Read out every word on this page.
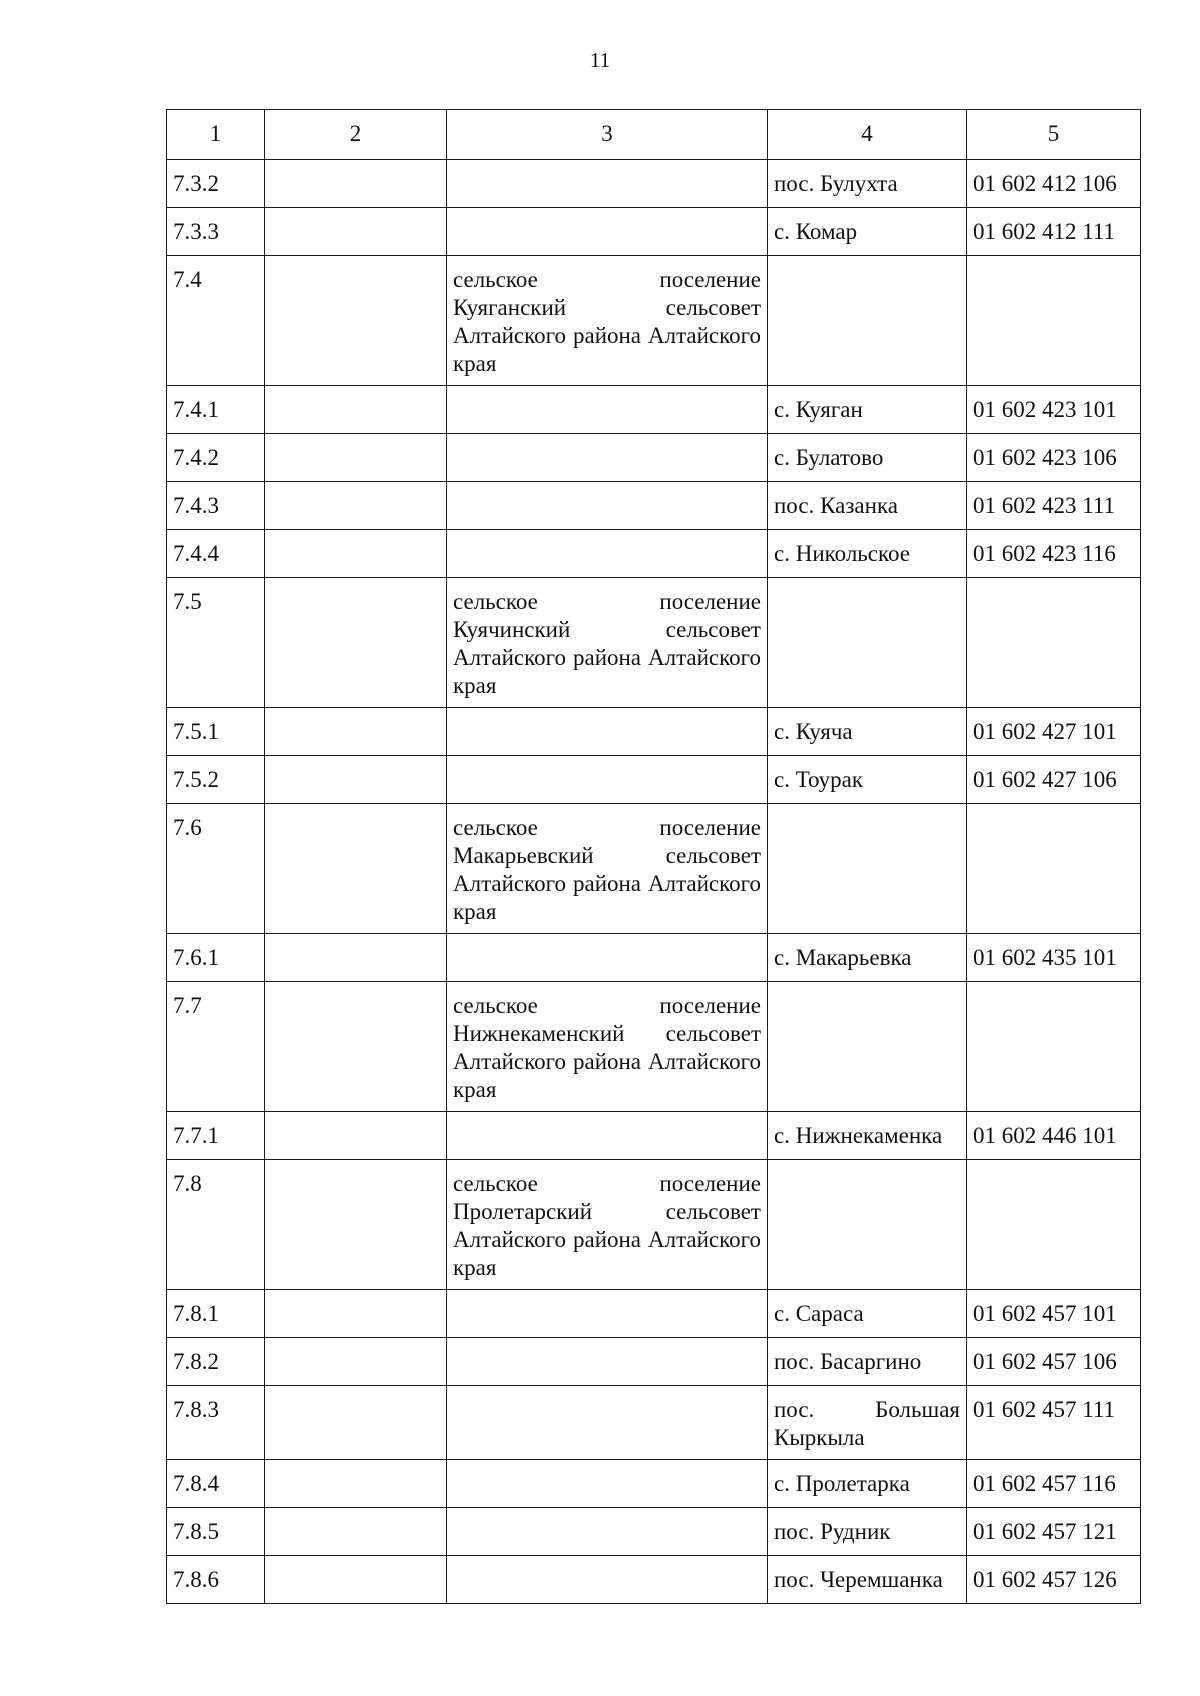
11
1	2	3	4	5
7.3.2			пос. Булухта	01 602 412 106
7.3.3			с. Комар	01 602 412 111
7.4		сельское поселение Куяганский сельсовет Алтайского района Алтайского края		
7.4.1			с. Куяган	01 602 423 101
7.4.2			с. Булатово	01 602 423 106
7.4.3			пос. Казанка	01 602 423 111
7.4.4			с. Никольское	01 602 423 116
7.5		сельское поселение Куячинский сельсовет Алтайского района Алтайского края		
7.5.1			с. Куяча	01 602 427 101
7.5.2			с. Тоурак	01 602 427 106
7.6		сельское поселение Макарьевский сельсовет Алтайского района Алтайского края		
7.6.1			с. Макарьевка	01 602 435 101
7.7		сельское поселение Нижнекаменский сельсовет Алтайского района Алтайского края		
7.7.1			с. Нижнекаменка	01 602 446 101
7.8		сельское поселение Пролетарский сельсовет Алтайского района Алтайского края		
7.8.1			с. Сараса	01 602 457 101
7.8.2			пос. Басаргино	01 602 457 106
7.8.3			пос. Большая Кыркыла	01 602 457 111
7.8.4			с. Пролетарка	01 602 457 116
7.8.5			пос. Рудник	01 602 457 121
7.8.6			пос. Черемшанка	01 602 457 126
